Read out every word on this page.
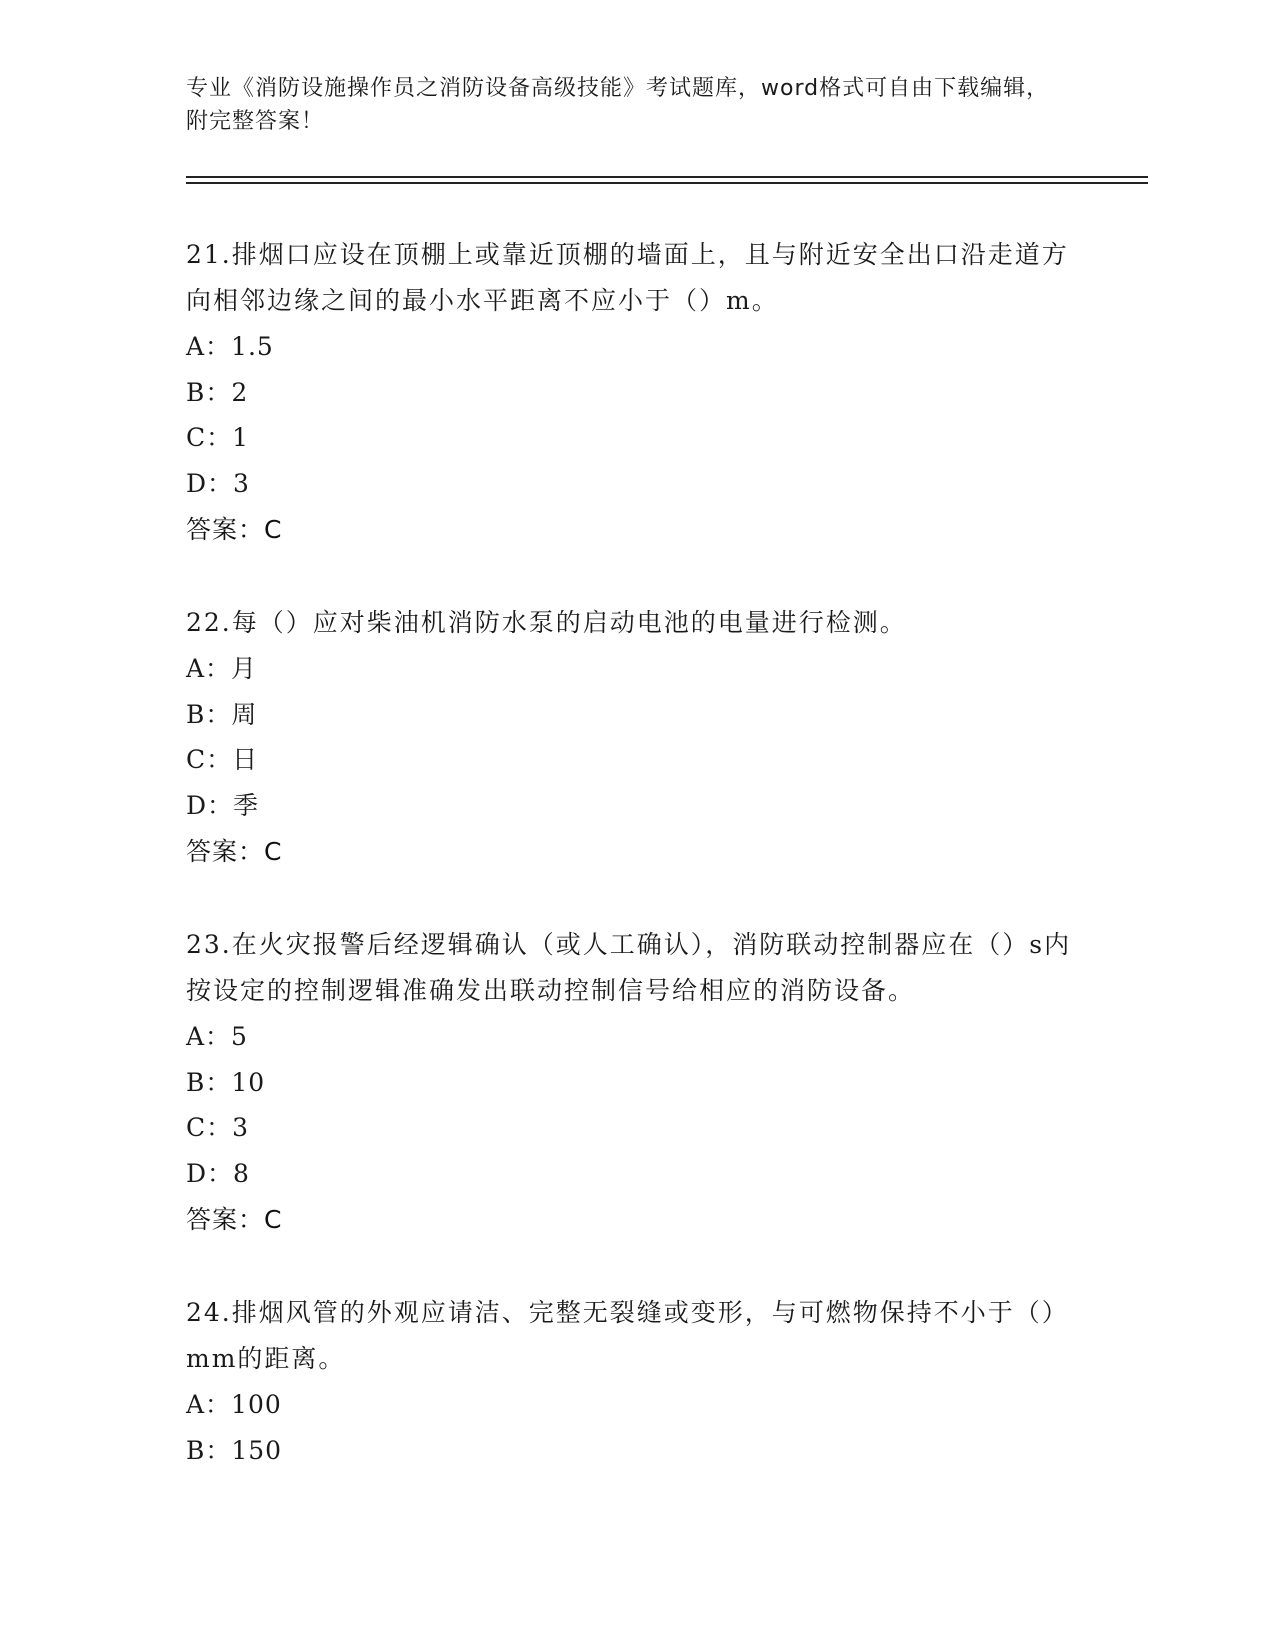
专业《消防设施操作员之消防设备高级技能》考试题库，word格式可自由下载编辑，附完整答案！
21.排烟口应设在顶棚上或靠近顶棚的墙面上，且与附近安全出口沿走道方向相邻边缘之间的最小水平距离不应小于（）m。
A：1.5
B：2
C：1
D：3
答案：C
22.每（）应对柴油机消防水泵的启动电池的电量进行检测。
A：月
B：周
C：日
D：季
答案：C
23.在火灾报警后经逻辑确认（或人工确认），消防联动控制器应在（）s内按设定的控制逻辑准确发出联动控制信号给相应的消防设备。
A：5
B：10
C：3
D：8
答案：C
24.排烟风管的外观应请洁、完整无裂缝或变形，与可燃物保持不小于（）mm的距离。
A：100
B：150
